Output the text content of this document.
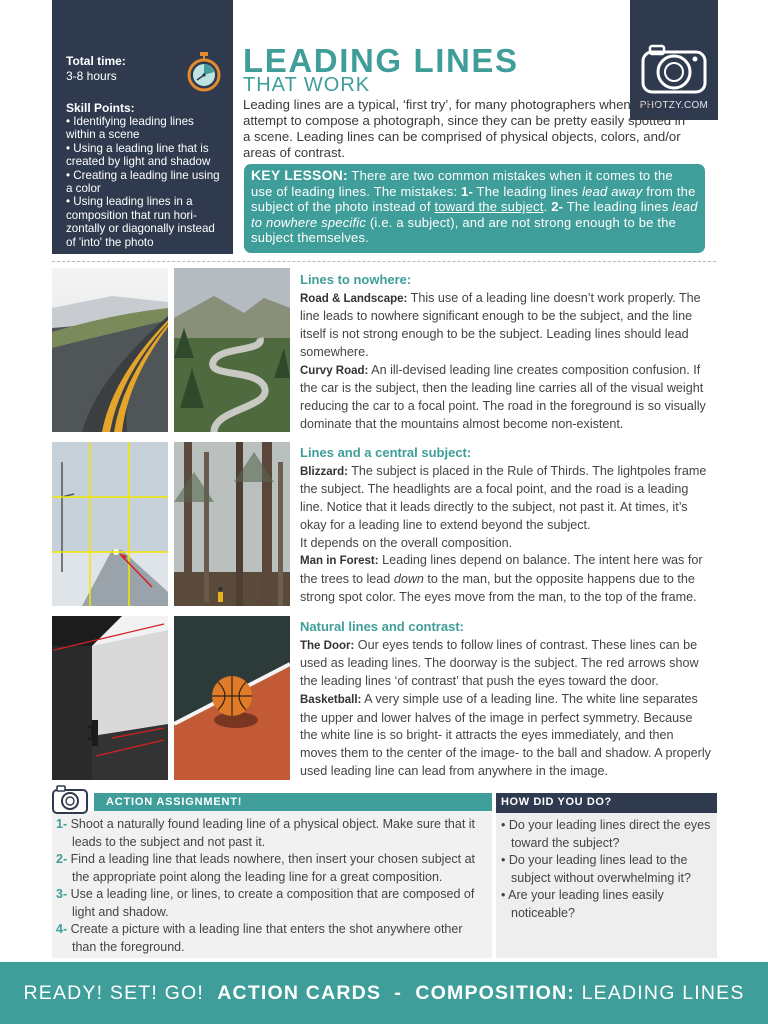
Total time:
3-8 hours
Skill Points:
• Identifying leading lines within a scene
• Using a leading line that is created by light and shadow
• Creating a leading line using a color
• Using leading lines in a composition that run hori-zontally or diagonally instead of 'into' the photo
PHOTZY.COM
LEADING LINES
THAT WORK

Leading lines are a typical, ‘first try’, for many photographers when they attempt to compose a photograph, since they can be pretty easily spotted in a scene. Leading lines can be comprised of physical objects, colors, and/or areas of contrast.

KEY LESSON: There are two common mistakes when it comes to the use of leading lines. The mistakes: 1- The leading lines lead away from the subject of the photo instead of toward the subject. 2- The leading lines lead to nowhere specific (i.e. a subject), and are not strong enough to be the subject themselves.
1
Lines to nowhere:

Road & Landscape: This use of a leading line doesn’t work properly. The line leads to nowhere significant enough to be the subject, and the line itself is not strong enough to be the subject. Leading lines should lead somewhere.

Curvy Road: An ill-devised leading line creates composition confusion. If the car is the subject, then the leading line carries all of the visual weight reducing the car to a focal point. The road in the foreground is so visually dominate that the mountains almost become non-existent.

Lines and a central subject:

Blizzard: The subject is placed in the Rule of Thirds. The lightpoles frame the subject. The headlights are a focal point, and the road is a leading line. Notice that it leads directly to the subject, not past it. At times, it’s okay for a leading line to extend beyond the subject.

It depends on the overall composition.

Man in Forest: Leading lines depend on balance. The intent here was for the trees to lead down to the man, but the opposite happens due to the strong spot color. The eyes move from the man, to the top of the frame.

Natural lines and contrast:

The Door: Our eyes tends to follow lines of contrast. These lines can be used as leading lines. The doorway is the subject. The red arrows show the leading lines ‘of contrast’ that push the eyes toward the door.

Basketball: A very simple use of a leading line. The white line separates the upper and lower halves of the image in perfect symmetry. Because the white line is so bright- it attracts the eyes immediately, and then moves them to the center of the image- to the ball and shadow. A properly used leading line can lead from anywhere in the image.

ACTION ASSIGNMENT!
1- Shoot a naturally found leading line of a physical object. Make sure that it leads to the subject and not past it.
2- Find a leading line that leads nowhere, then insert your chosen subject at the appropriate point along the leading line for a great composition.
3- Use a leading line, or lines, to create a composition that are composed of light and shadow.
4- Create a picture with a leading line that enters the shot anywhere other than the foreground.
HOW DID YOU DO?
• Do your leading lines direct the eyes toward the subject?
• Do your leading lines lead to the subject without overwhelming it?
• Are your leading lines easily noticeable?
READY! SET! GO! ACTION CARDS - COMPOSITION: LEADING LINES
